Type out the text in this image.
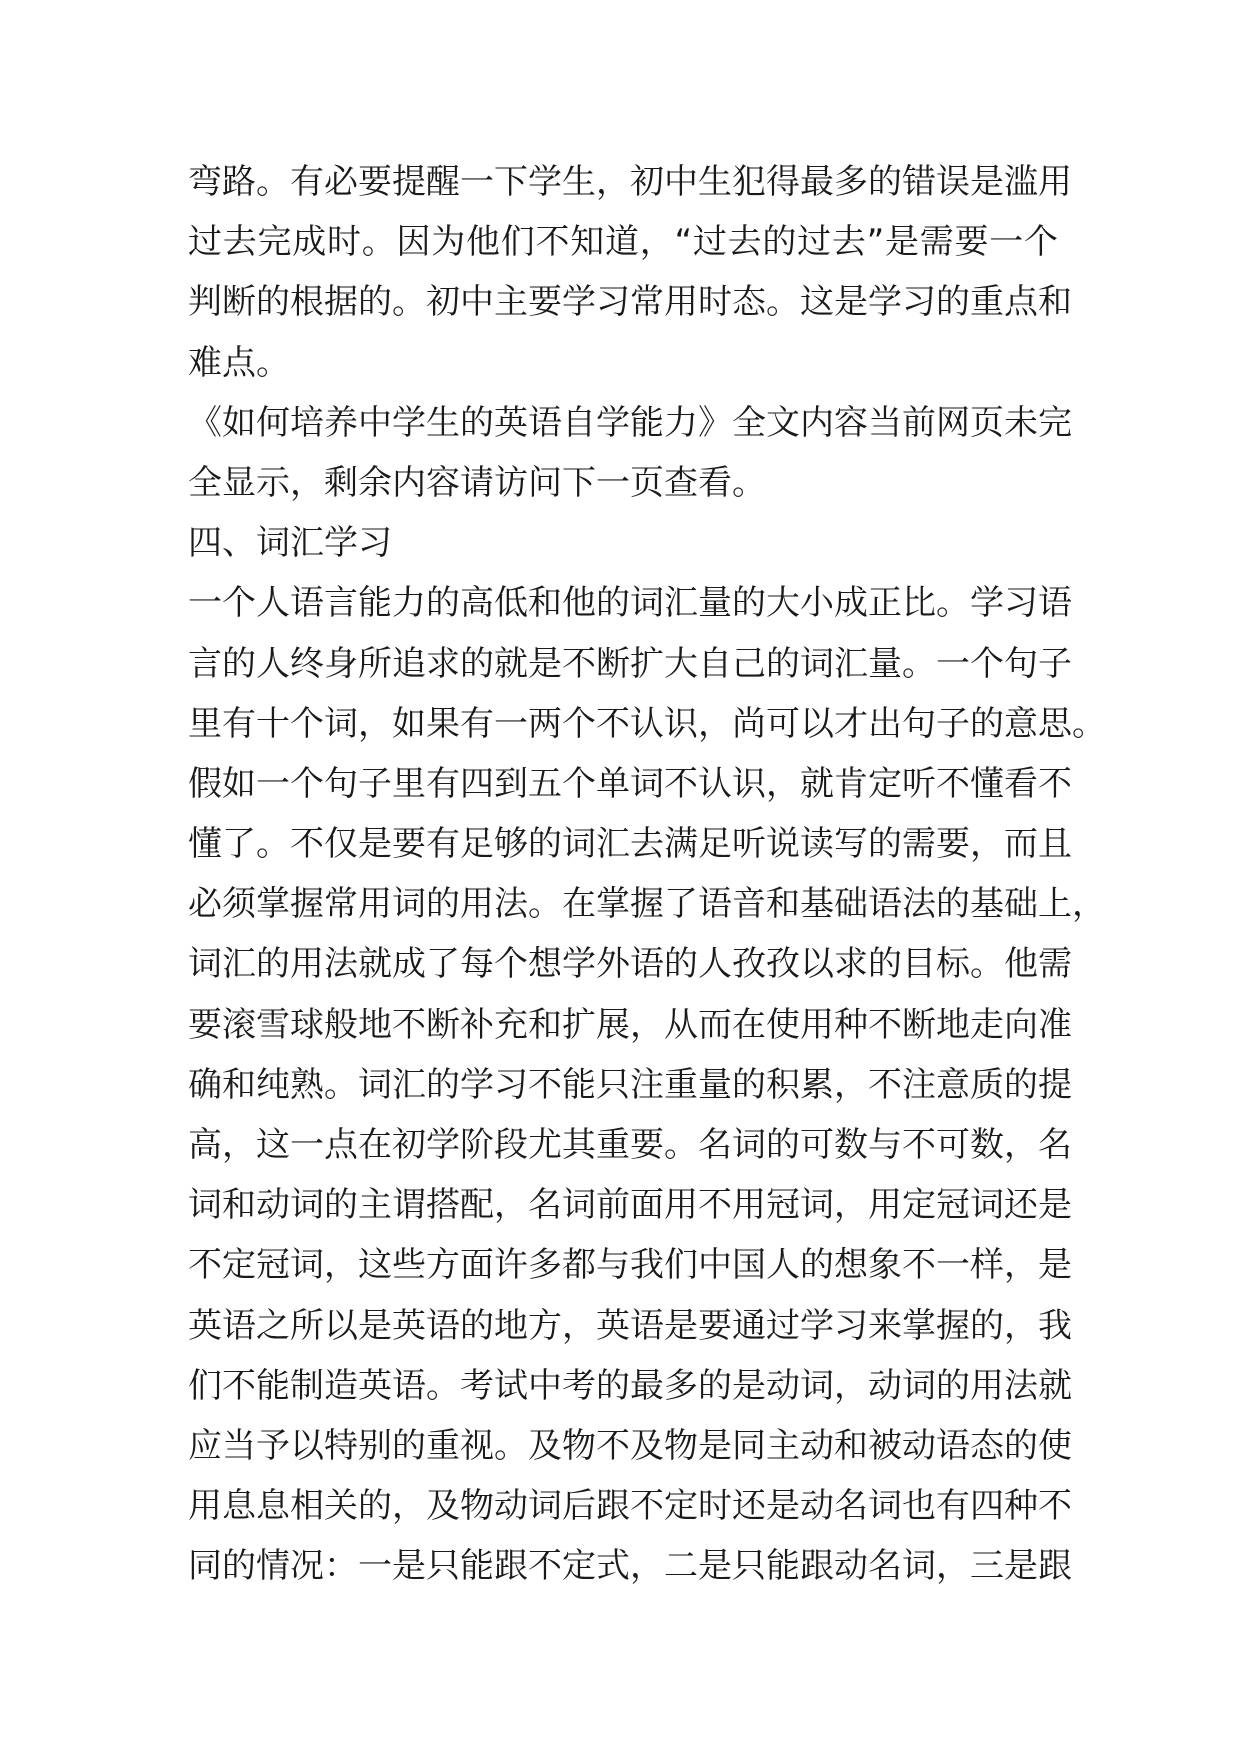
弯路。有必要提醒一下学生，初中生犯得最多的错误是滥用
过去完成时。因为他们不知道，“过去的过去”是需要一个
判断的根据的。初中主要学习常用时态。这是学习的重点和
难点。
《如何培养中学生的英语自学能力》全文内容当前网页未完
全显示，剩余内容请访问下一页查看。
四、词汇学习
一个人语言能力的高低和他的词汇量的大小成正比。学习语
言的人终身所追求的就是不断扩大自己的词汇量。一个句子
里有十个词，如果有一两个不认识，尚可以才出句子的意思。
假如一个句子里有四到五个单词不认识，就肯定听不懂看不
懂了。不仅是要有足够的词汇去满足听说读写的需要，而且
必须掌握常用词的用法。在掌握了语音和基础语法的基础上，
词汇的用法就成了每个想学外语的人孜孜以求的目标。他需
要滚雪球般地不断补充和扩展，从而在使用种不断地走向准
确和纯熟。词汇的学习不能只注重量的积累，不注意质的提
高，这一点在初学阶段尤其重要。名词的可数与不可数，名
词和动词的主谓搭配，名词前面用不用冠词，用定冠词还是
不定冠词，这些方面许多都与我们中国人的想象不一样，是
英语之所以是英语的地方，英语是要通过学习来掌握的，我
们不能制造英语。考试中考的最多的是动词，动词的用法就
应当予以特别的重视。及物不及物是同主动和被动语态的使
用息息相关的，及物动词后跟不定时还是动名词也有四种不
同的情况：一是只能跟不定式，二是只能跟动名词，三是跟
